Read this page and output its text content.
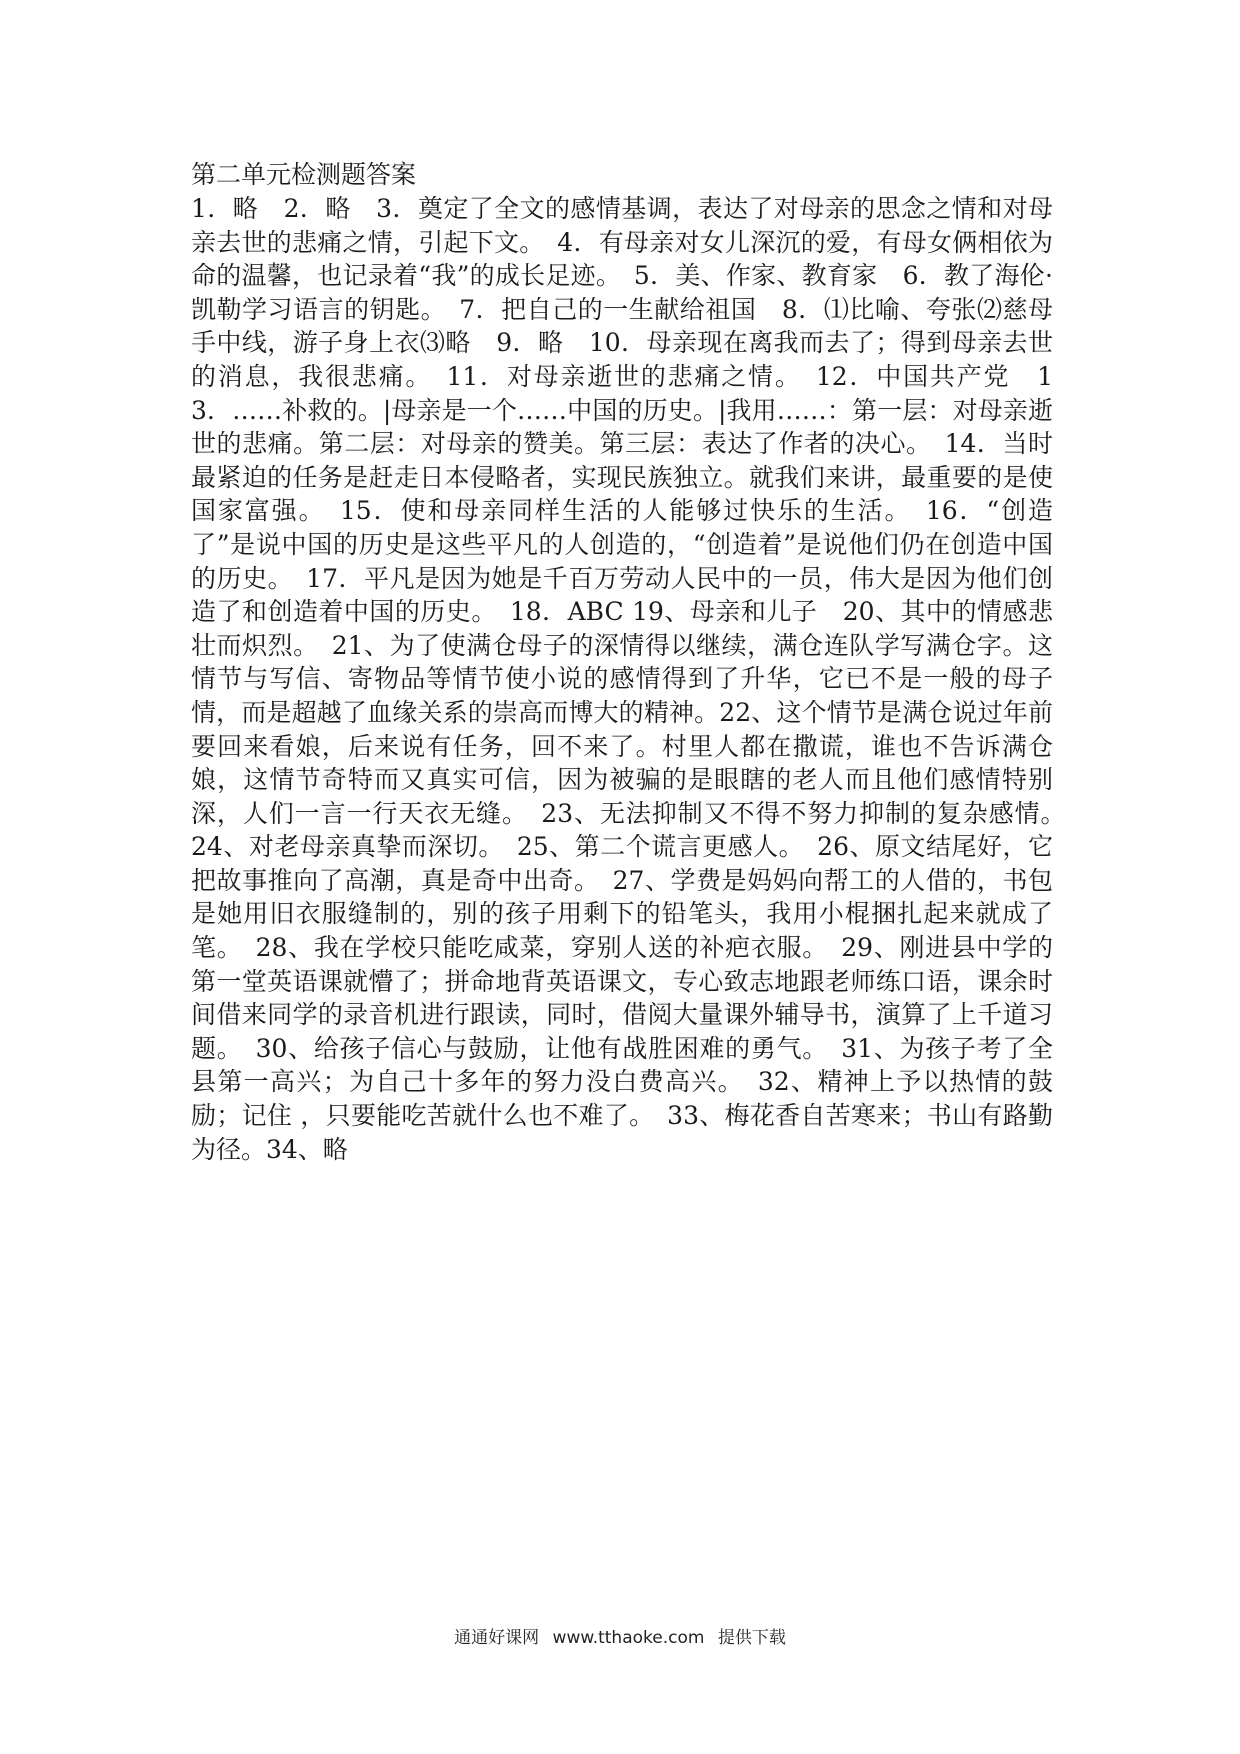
第二单元检测题答案

1．略　2．略　3．奠定了全文的感情基调，表达了对母亲的思念之情和对母亲去世的悲痛之情，引起下文。　4．有母亲对女儿深沉的爱，有母女俩相依为命的温馨，也记录着“我”的成长足迹。　5．美、作家、教育家　6．教了海伦·凯勒学习语言的钥匙。　7．把自己的一生献给祖国　8．⑴比喻、夸张⑵慈母手中线，游子身上衣⑶略　9．略　10．母亲现在离我而去了；得到母亲去世的消息，我很悲痛。　11．对母亲逝世的悲痛之情。　12．中国共产党　13．……补救的。|母亲是一个……中国的历史。|我用……：第一层：对母亲逝世的悲痛。第二层：对母亲的赞美。第三层：表达了作者的决心。　14．当时最紧迫的任务是赶走日本侵略者，实现民族独立。就我们来讲，最重要的是使国家富强。　15．使和母亲同样生活的人能够过快乐的生活。　16．“创造了”是说中国的历史是这些平凡的人创造的，“创造着”是说他们仍在创造中国的历史。　17．平凡是因为她是千百万劳动人民中的一员，伟大是因为他们创造了和创造着中国的历史。　18．ABC 19、母亲和儿子　20、其中的情感悲壮而炽烈。　21、为了使满仓母子的深情得以继续，满仓连队学写满仓字。这情节与写信、寄物品等情节使小说的感情得到了升华，它已不是一般的母子情，而是超越了血缘关系的崇高而博大的精神。22、这个情节是满仓说过年前要回来看娘，后来说有任务，回不来了。村里人都在撒谎，谁也不告诉满仓娘，这情节奇特而又真实可信，因为被骗的是眼瞎的老人而且他们感情特别深，人们一言一行天衣无缝。　23、无法抑制又不得不努力抑制的复杂感情。　24、对老母亲真挚而深切。　25、第二个谎言更感人。　26、原文结尾好，它把故事推向了高潮，真是奇中出奇。　27、学费是妈妈向帮工的人借的，书包是她用旧衣服缝制的，别的孩子用剩下的铅笔头，我用小棍捆扎起来就成了笔。　28、我在学校只能吃咸菜，穿别人送的补疤衣服。　29、刚进县中学的第一堂英语课就懵了；拼命地背英语课文，专心致志地跟老师练口语，课余时间借来同学的录音机进行跟读，同时，借阅大量课外辅导书，演算了上千道习题。　30、给孩子信心与鼓励，让他有战胜困难的勇气。　31、为孩子考了全县第一高兴；为自己十多年的努力没白费高兴。　32、精神上予以热情的鼓励；记住 ，只要能吃苦就什么也不难了。　33、梅花香自苦寒来；书山有路勤为径。34、略

通通好课网 www.tthaoke.com 提供下载
